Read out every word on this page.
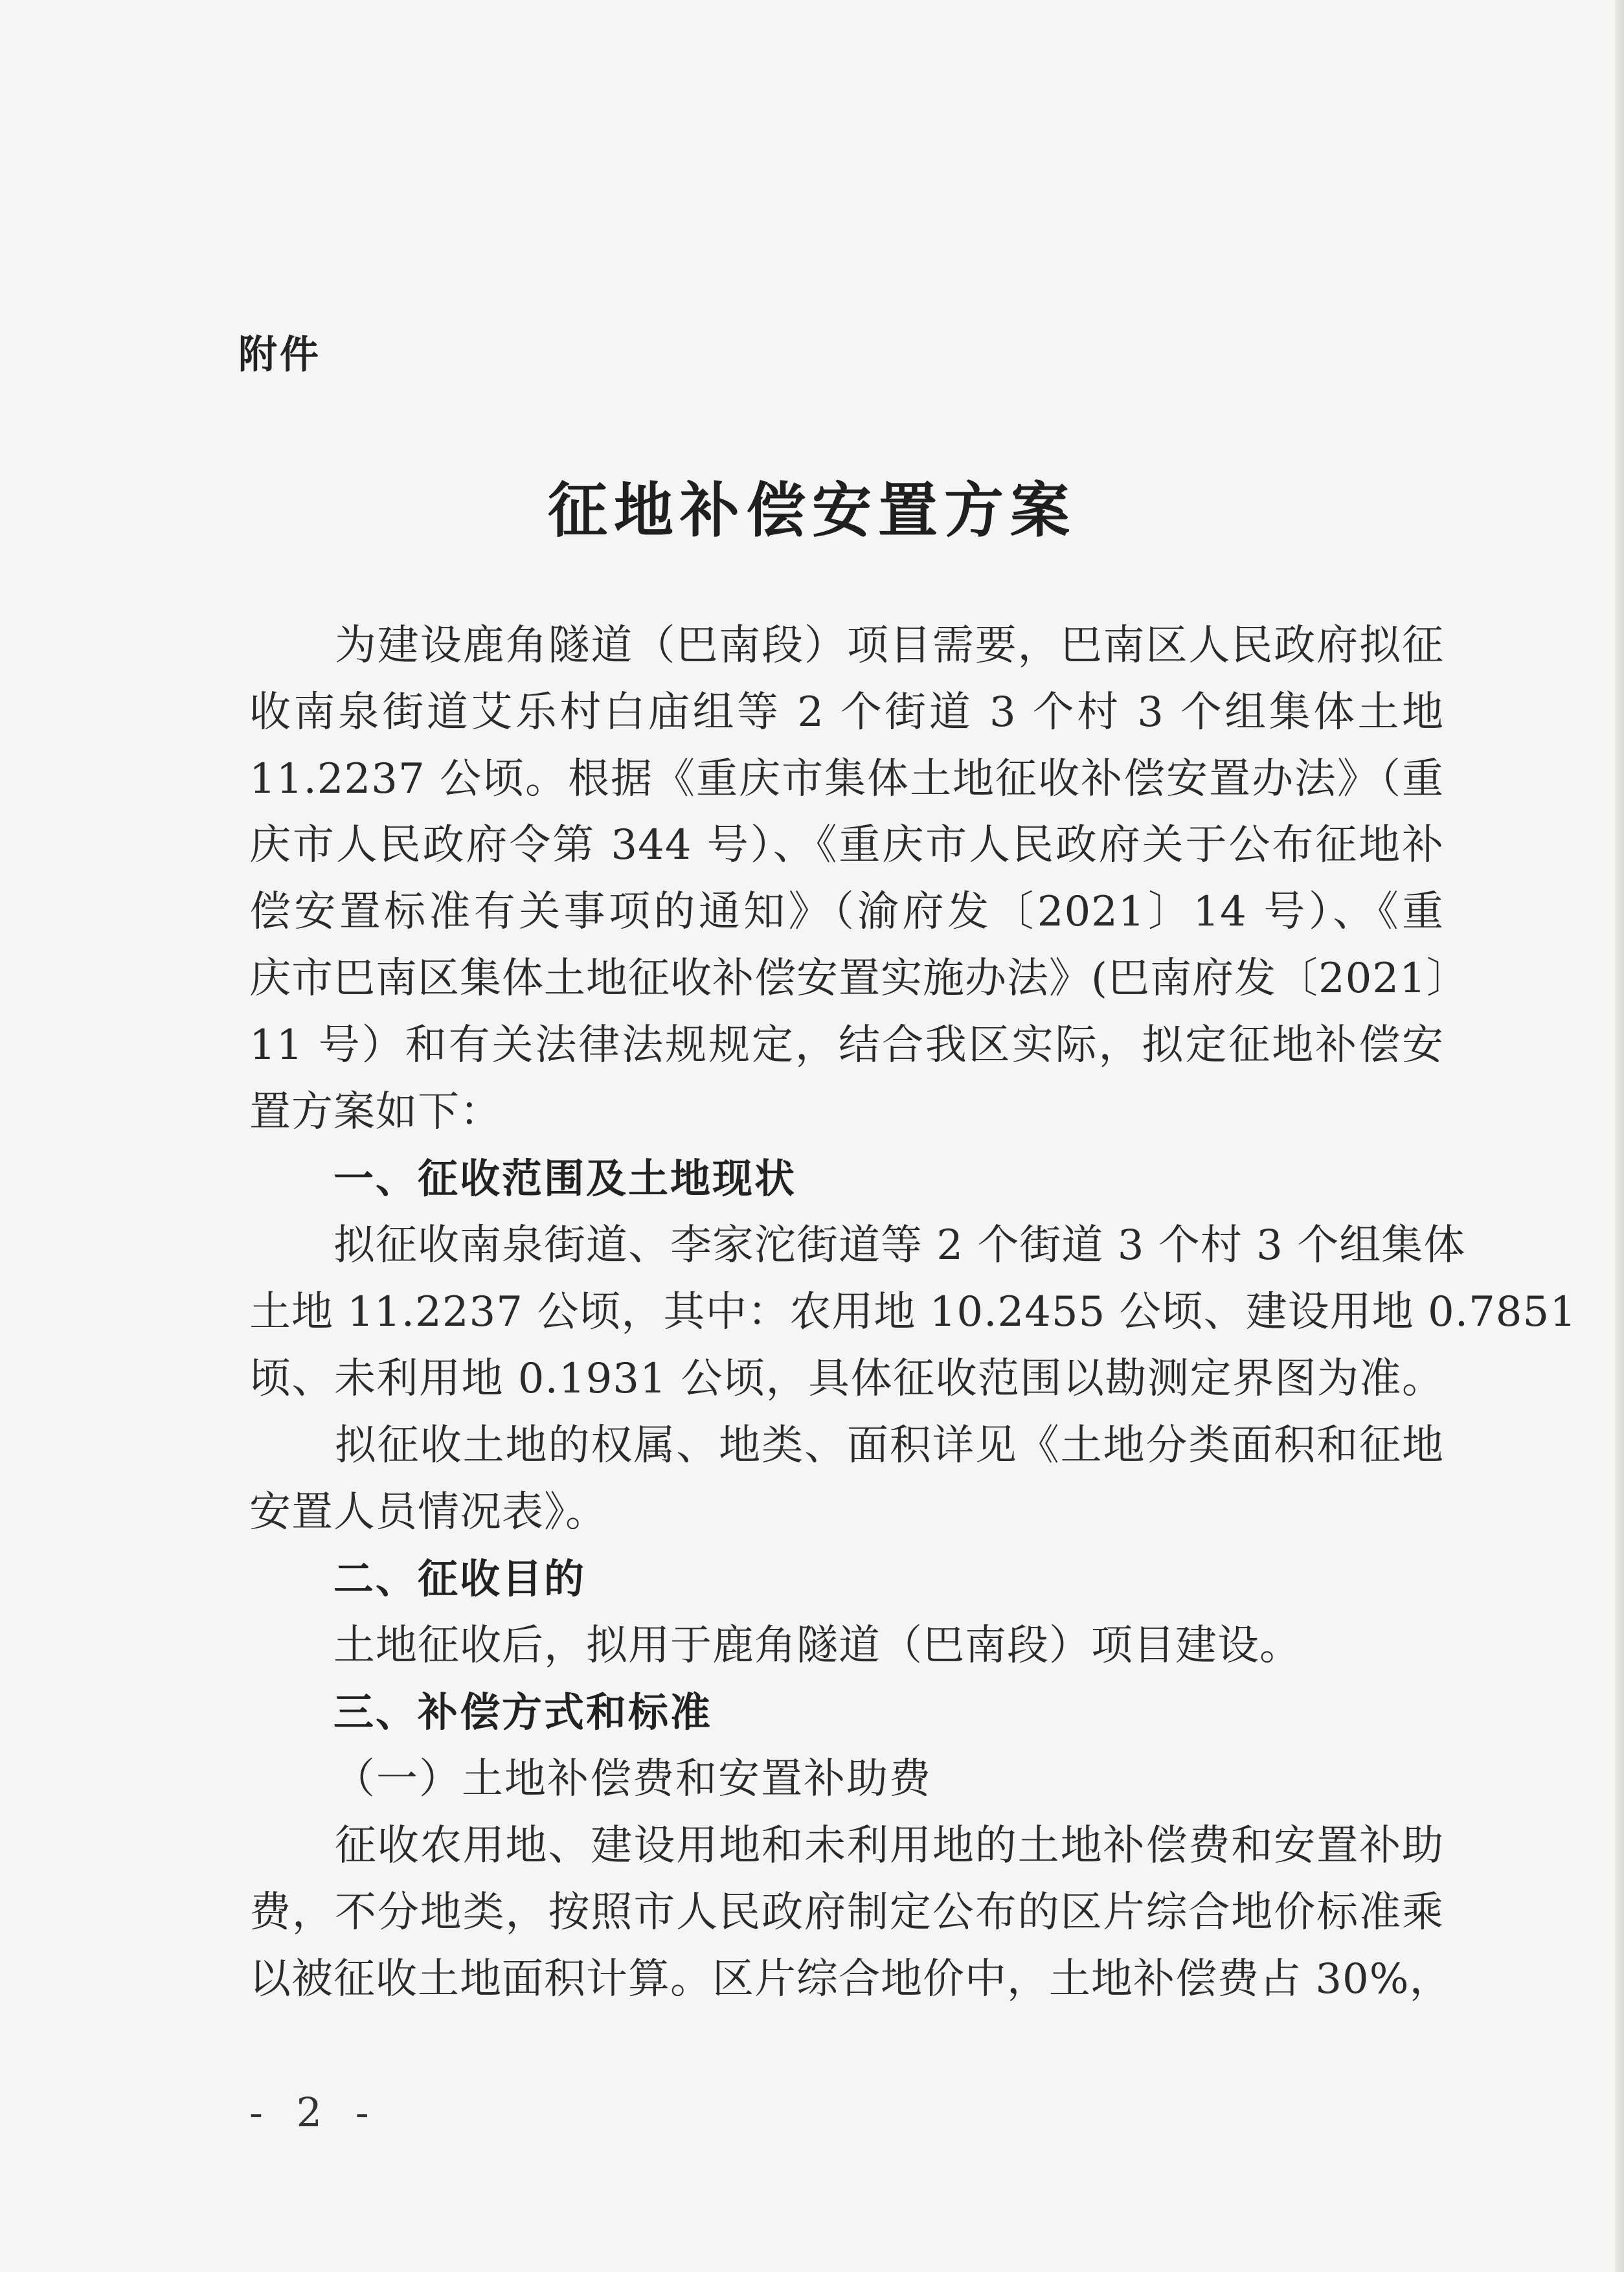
附件
征地补偿安置方案
　　为建设鹿角隧道（巴南段）项目需要，巴南区人民政府拟征
收南泉街道艾乐村白庙组等 2 个街道 3 个村 3 个组集体土地
11.2237 公顷。根据《重庆市集体土地征收补偿安置办法》（重
庆市人民政府令第 344 号）、《重庆市人民政府关于公布征地补
偿安置标准有关事项的通知》（渝府发〔2021〕14 号）、《重
庆市巴南区集体土地征收补偿安置实施办法》(巴南府发〔2021〕
11 号）和有关法律法规规定，结合我区实际，拟定征地补偿安
置方案如下：
一、征收范围及土地现状
　　拟征收南泉街道、李家沱街道等 2 个街道 3 个村 3 个组集体
土地 11.2237 公顷，其中：农用地 10.2455 公顷、建设用地 0.7851
顷、未利用地 0.1931 公顷，具体征收范围以勘测定界图为准。
　　拟征收土地的权属、地类、面积详见《土地分类面积和征地
安置人员情况表》。
二、征收目的
　　土地征收后，拟用于鹿角隧道（巴南段）项目建设。
三、补偿方式和标准
（一）土地补偿费和安置补助费
　　征收农用地、建设用地和未利用地的土地补偿费和安置补助
费，不分地类，按照市人民政府制定公布的区片综合地价标准乘
以被征收土地面积计算。区片综合地价中，土地补偿费占 30%，
- 2 -
